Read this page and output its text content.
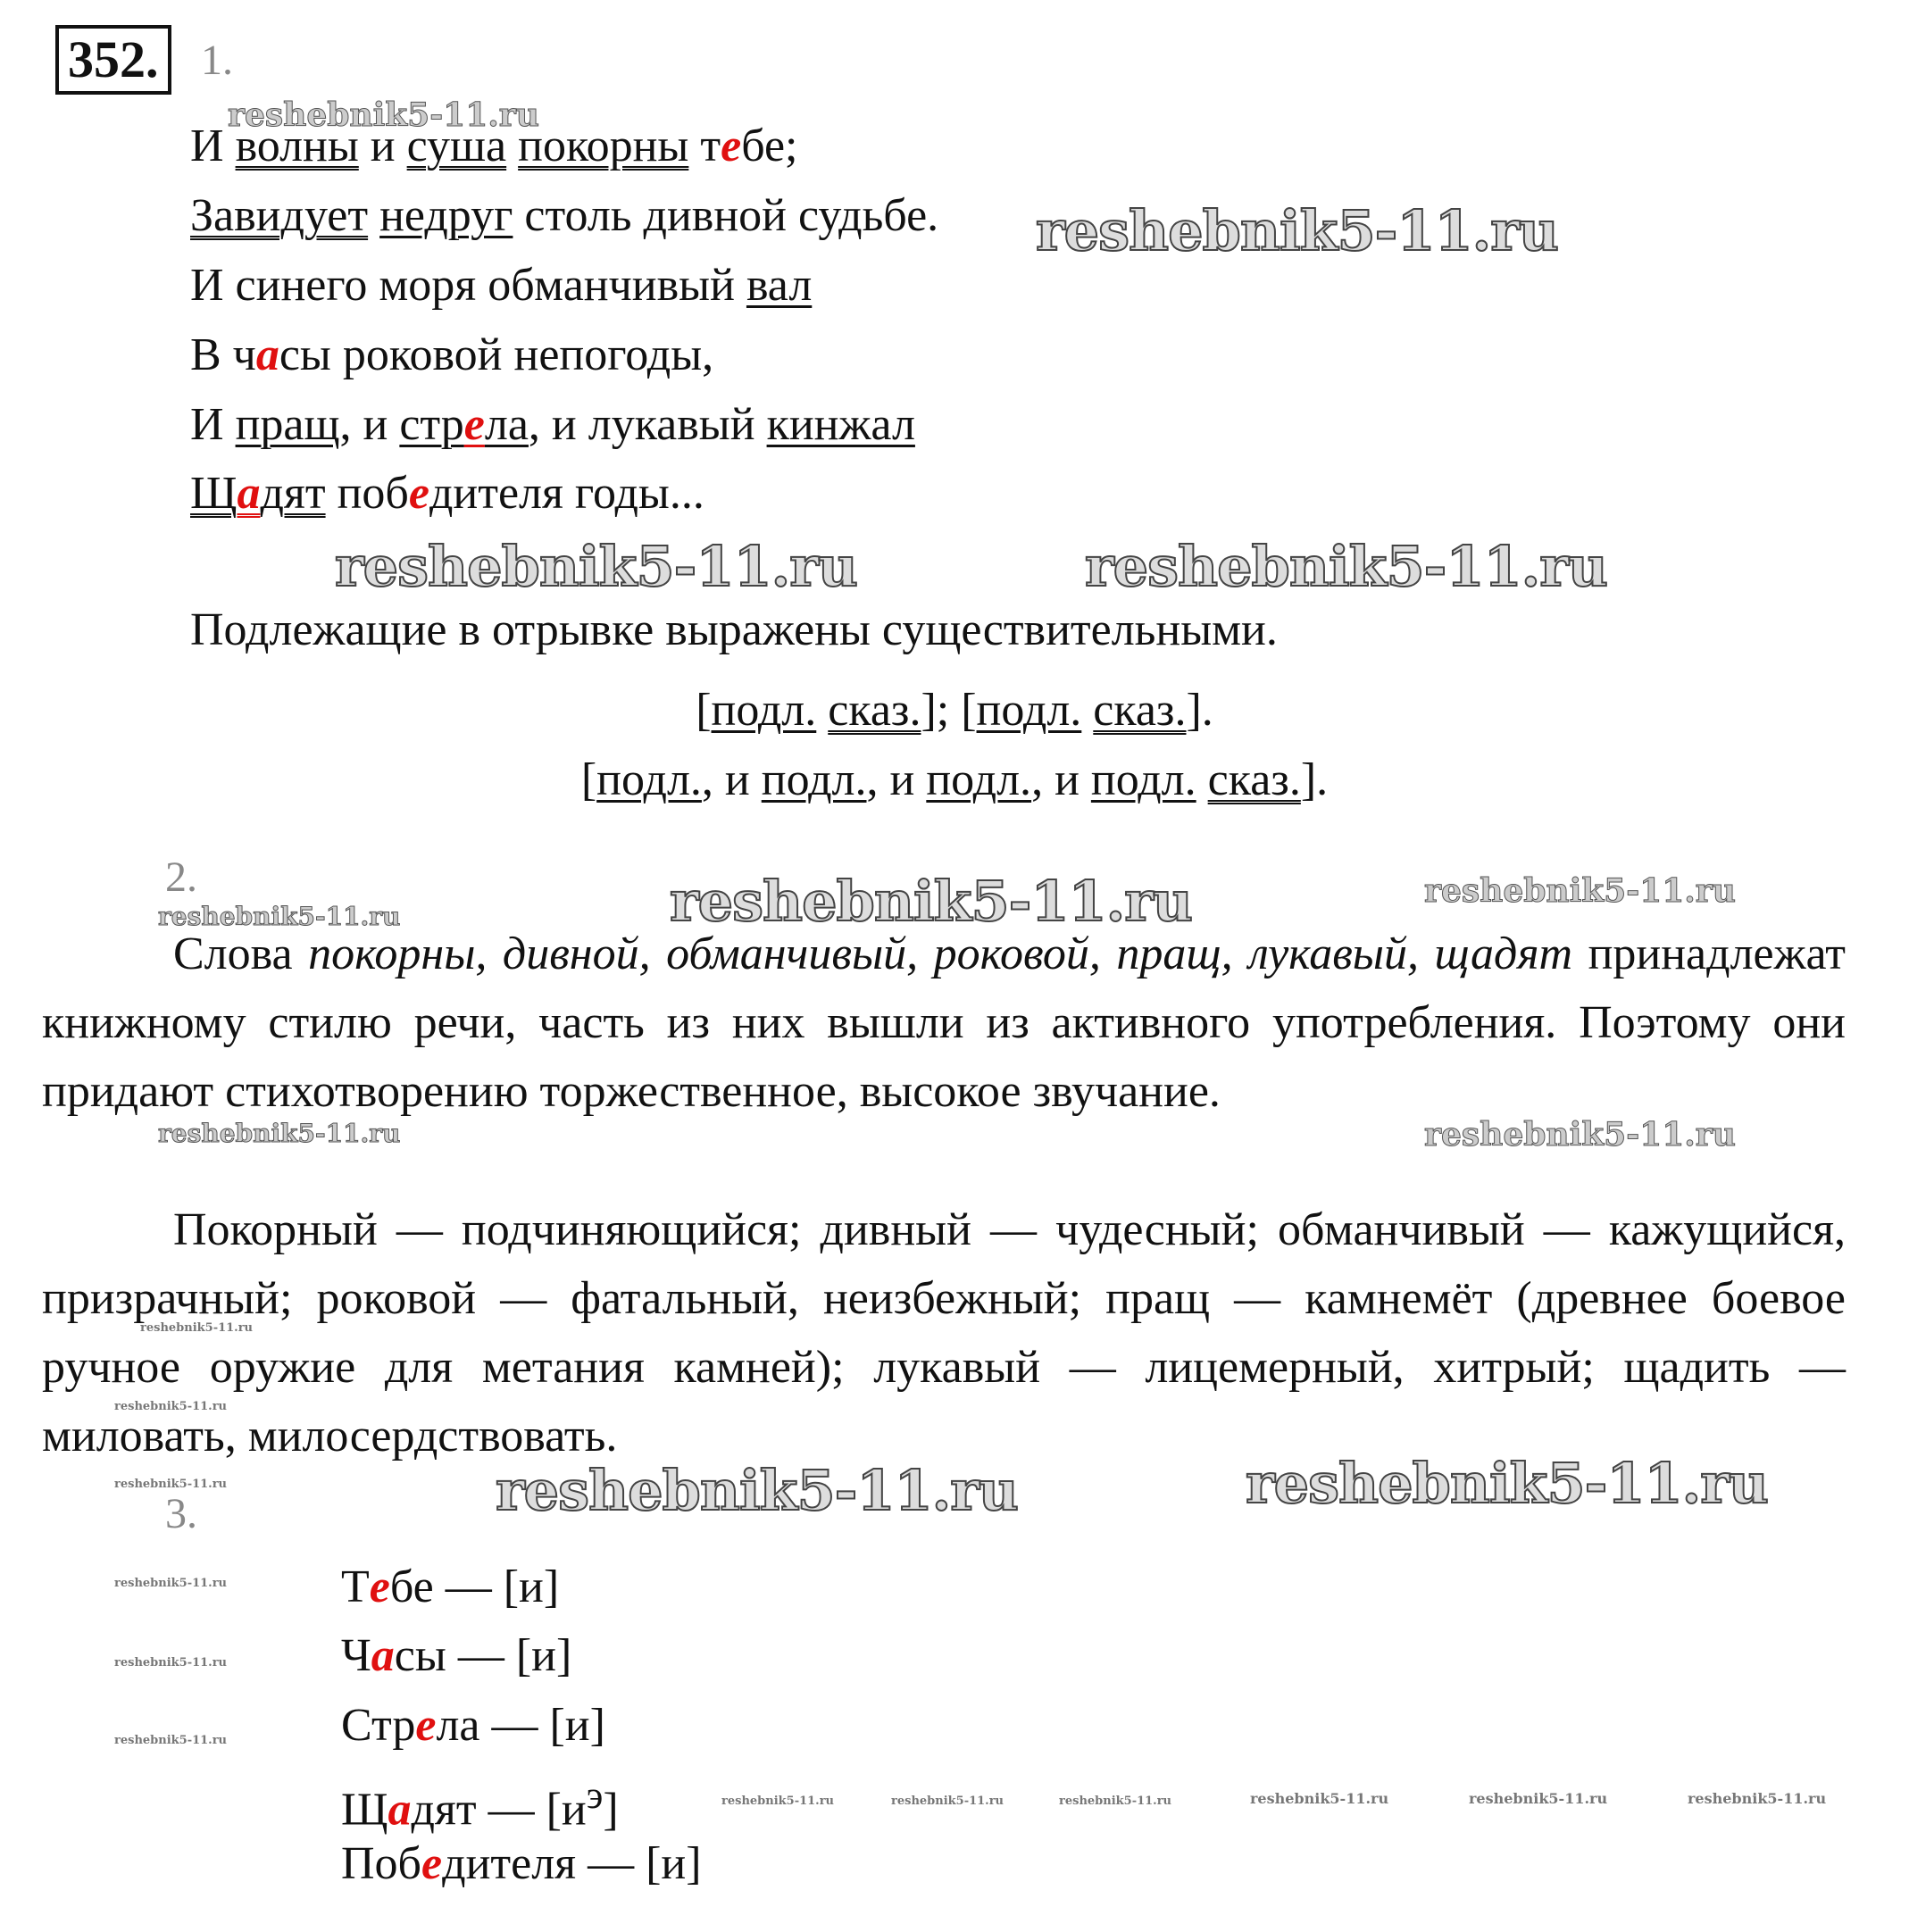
352. 1.
И волны и суша покорны тебе;
Завидует недруг столь дивной судьбе.
И синего моря обманчивый вал
В часы роковой непогоды,
И пращ, и стрела, и лукавый кинжал
Щадят победителя годы...
Подлежащие в отрывке выражены существительными.
[подл. сказ.]; [подл. сказ.].
[подл., и подл., и подл., и подл. сказ.].
2.
Слова покорны, дивной, обманчивый, роковой, пращ, лукавый, щадят принадлежат книжному стилю речи, часть из них вышли из активного употребления. Поэтому они придают стихотворению торжественное, высокое звучание.
Покорный — подчиняющийся; дивный — чудесный; обманчивый — кажущийся, призрачный; роковой — фатальный, неизбежный; пращ — камнемёт (древнее боевое ручное оружие для метания камней); лукавый — лицемерный, хитрый; щадить — миловать, милосердствовать.
3.
Тебе — [и]
Часы — [и]
Стрела — [и]
Щадят — $[и^э]$
Победителя — [и]
reshebnik5-11.ru
reshebnik5-11.ru
reshebnik5-11.ru	reshebnik5-11.ru
reshebnik5-11.ru	reshebnik5-11.ru
reshebnik5-11.ru
reshebnik5-11.ru	reshebnik5-11.ru
reshebnik5-11.ru
reshebnik5-11.ru
reshebnik5-11.ru	reshebnik5-11.ru	reshebnik5-11.ru
reshebnik5-11.ru
reshebnik5-11.ru
reshebnik5-11.ru
reshebnik5-11.ru	reshebnik5-11.ru	reshebnik5-11.ru	reshebnik5-11.ru	reshebnik5-11.ru	reshebnik5-11.ru
